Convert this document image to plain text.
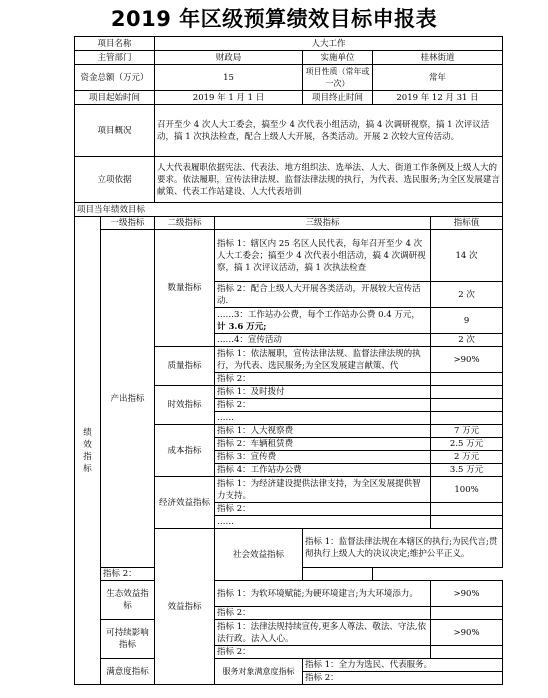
2019 年区级预算绩效目标申报表
项目名称		人大工作					
主管部门		财政局		实施单位	桂林街道		
资金总额（万元）		15		项目性质（常年或一次）	常年		
项目起始时间		2019 年 1 月 1 日		项目终止时间	2019 年 12 月 31 日		
项目概况		召开至少 4 次人大工委会，搞至少 4 次代表小组活动，搞 4 次调研视察，搞 1 次评议活动，搞 1 次执法检查，配合上级人大开展，各类活动。开展 2 次较大宣传活动。					
立项依据		人大代表履职依据宪法、代表法、地方组织法、选举法、人大、街道工作条例及上级人大的要求。依法履职，宣传法律法规、监督法律法规的执行，为代表、选民服务;为全区发展建言献策、代表工作站建设、人大代表培训					
项目当年绩效目标							
绩效指标	一级指标	二级指标	三级指标			指标值	
	产出指标	数量指标	指标 1：辖区内 25 名区人民代表，每年召开至少 4 次人大工委会；搞至少 4 次代表小组活动，搞 4 次调研视察，搞 1 次评议活动，搞 1 次执法检查			14 次	
			指标 2：配合上级人大开展各类活动，开展较大宣传活动.			2 次	
			……3：工作站办公费，每个工作站办公费 0.4 万元，计 3.6 万元;			9	
			……4：宣传活动			2 次	
		质量指标	指标 1：依法履职，宣传法律法规、监督法律法规的执行，为代表、选民服务;为全区发展建言献策、代			>90%	
			指标 2：				
		时效指标	指标 1：及时拨付				
			指标 2：				
			……				
		成本指标	指标 1：人大视察费			7 万元	
			指标 2：车辆租赁费			2.5 万元	
			指标 3：宣传费			2 万元	
			指标 4：工作站办公费			3.5 万元	
		经济效益指标	指标 1：为经济建设提供法律支持，为全区发展提供智力支持。			100%	
			指标 2：				
			……				
		效益指标	社会效益指标	指标 1：监督法律法规在本辖区的执行;为民代言;贯彻执行上级人大的决议决定;维护公平正义。	
	指标 2：						
	生态效益指标		指标 1：为软环境赋能;为硬环境建言;为大环境添力。			>90%	
			指标 2：				
	可持续影响指标		指标 1：法律法规持续宣传,更多人尊法、敬法、守法,依法行政。法入人心。			>90%	
			指标 2：				
	满意度指标		服务对象满意度指标	指标 1：全力为选民、代表服务。	
				指标 2：			
